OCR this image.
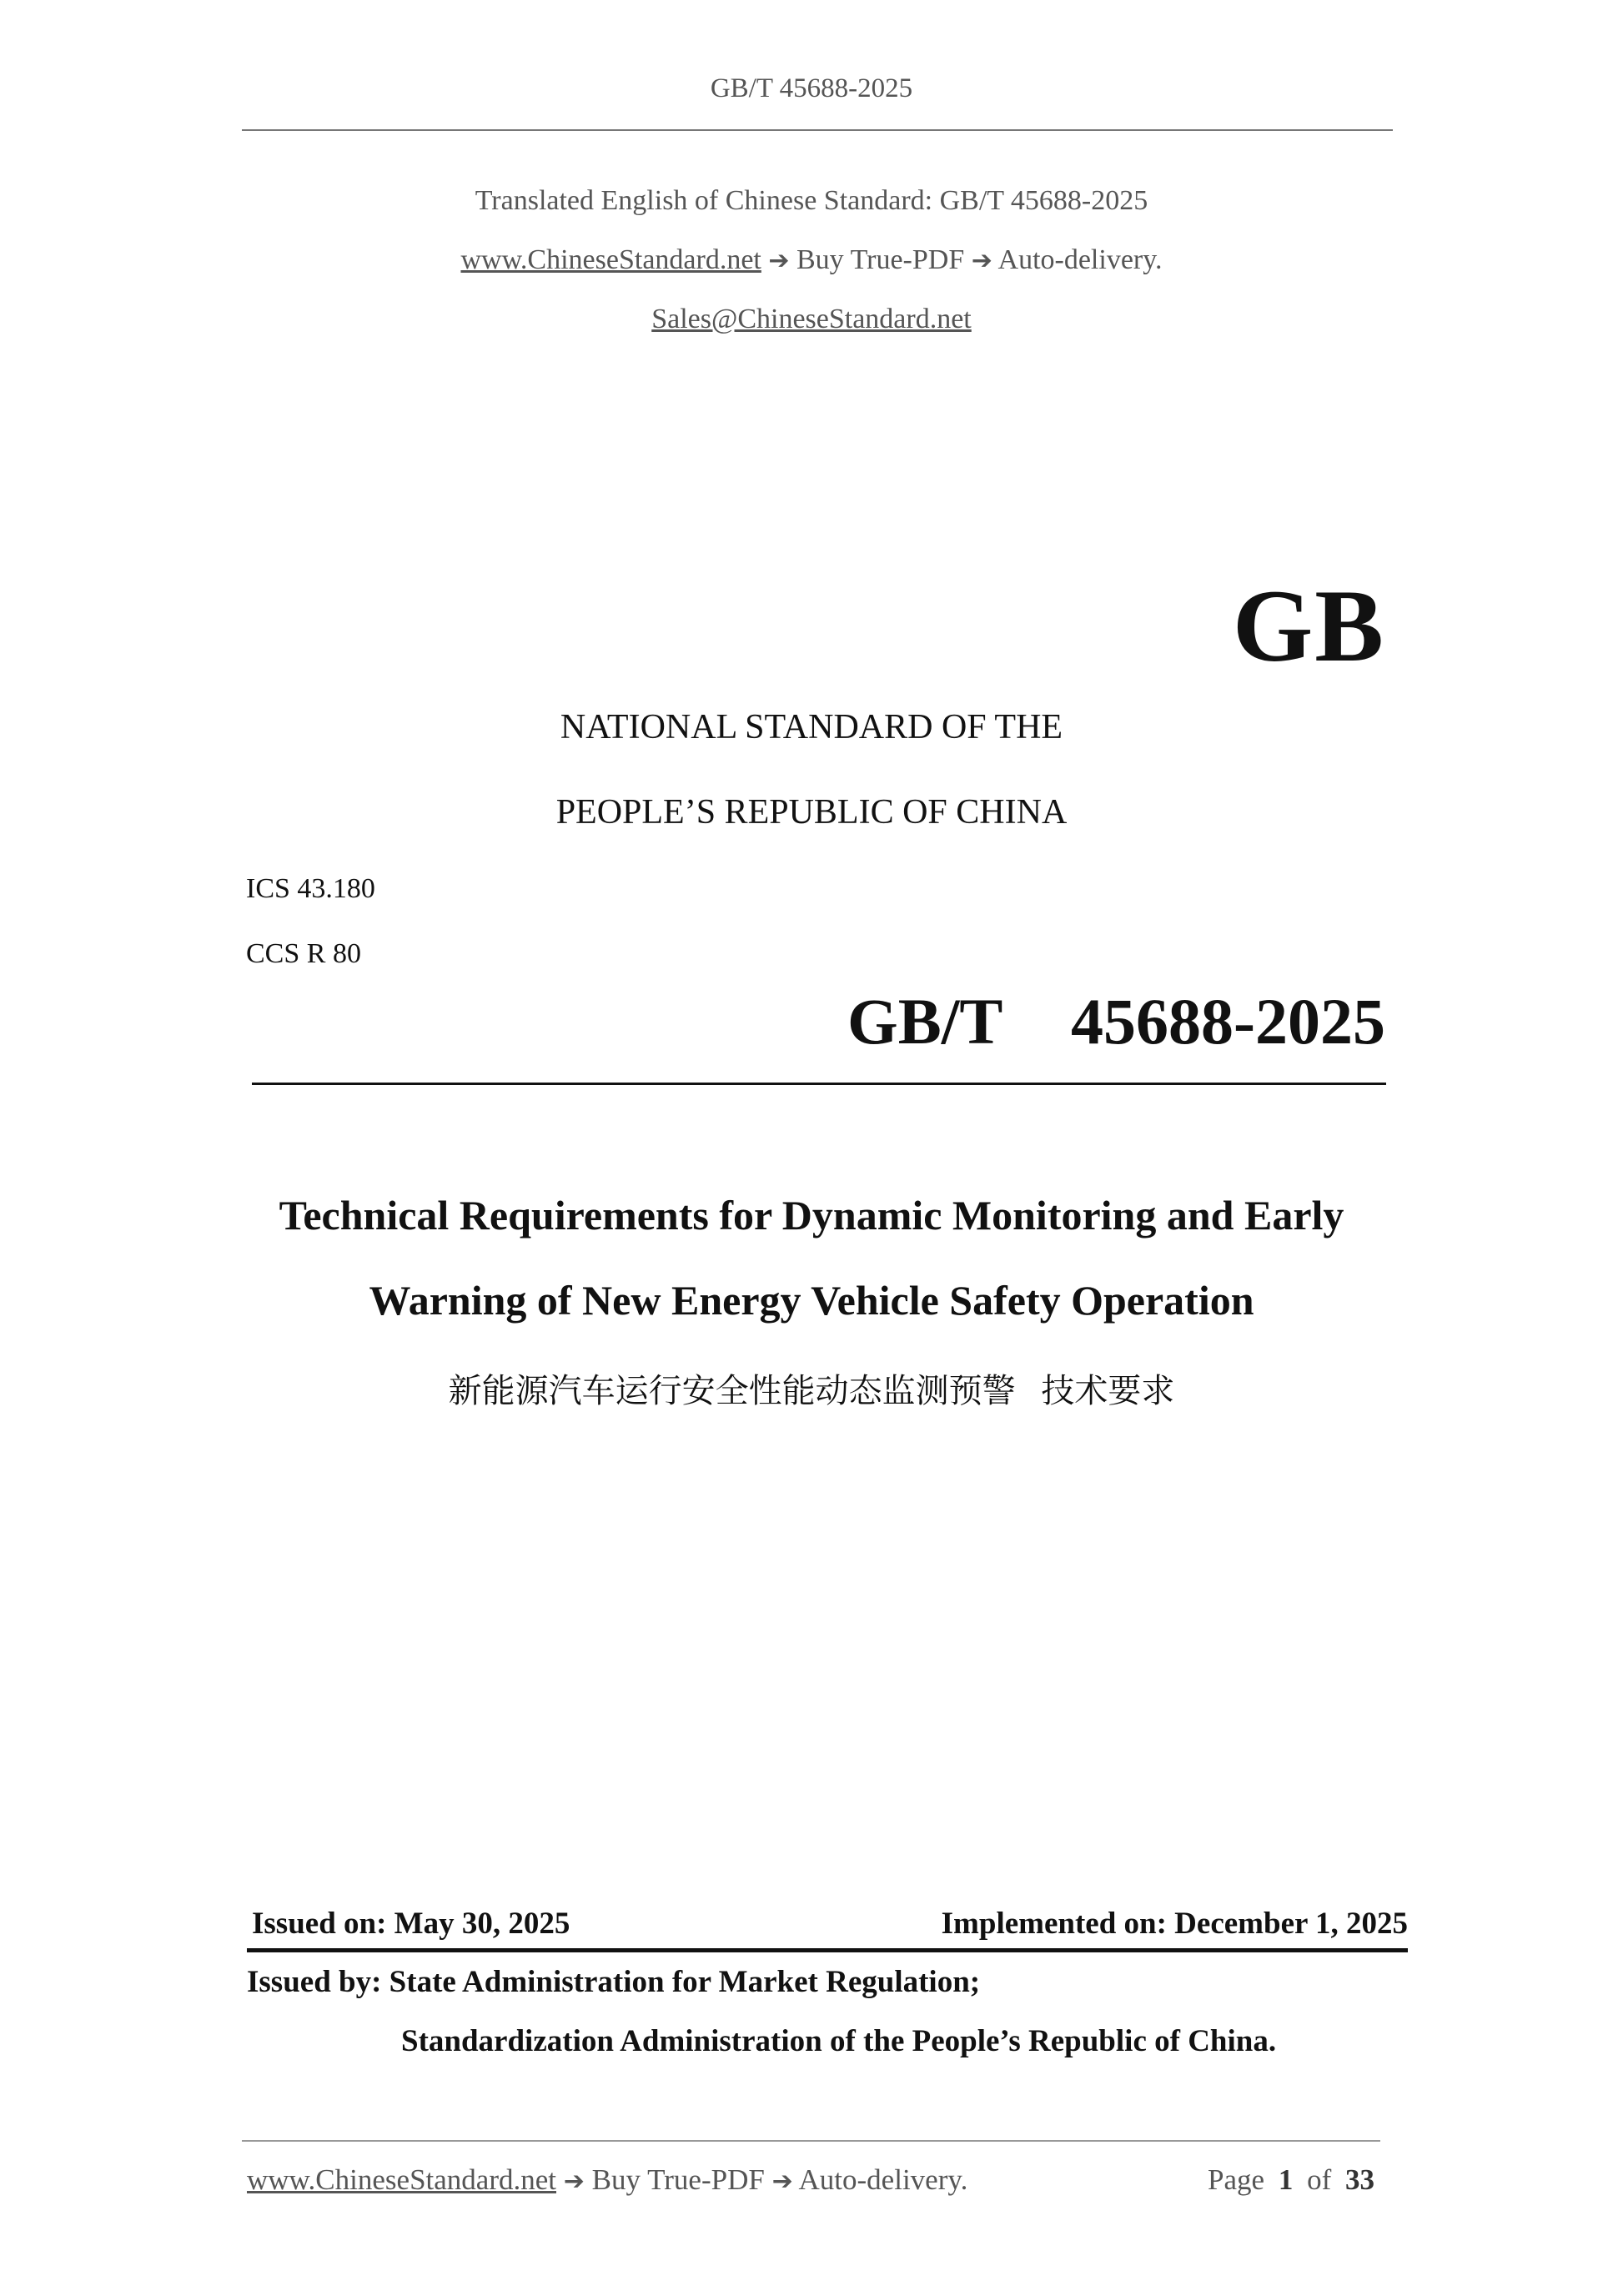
GB/T 45688-2025
Translated English of Chinese Standard: GB/T 45688-2025
www.ChineseStandard.net ➔ Buy True-PDF ➔ Auto-delivery.
Sales@ChineseStandard.net
GB
NATIONAL STANDARD OF THE
PEOPLE’S REPUBLIC OF CHINA
ICS 43.180
CCS R 80
GB/T  45688-2025
Technical Requirements for Dynamic Monitoring and Early
Warning of New Energy Vehicle Safety Operation
新能源汽车运行安全性能动态监测预警 技术要求
Issued on: May 30, 2025	Implemented on: December 1, 2025
Issued by: State Administration for Market Regulation;
Standardization Administration of the People’s Republic of China.
www.ChineseStandard.net ➔ Buy True-PDF ➔ Auto-delivery.	Page 1 of 33
